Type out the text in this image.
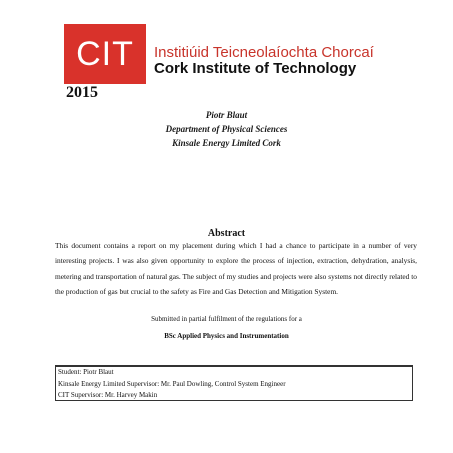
CIT Institiúid Teicneolaíochta Chorcaí
Cork Institute of Technology
2015
Piotr Blaut
Department of Physical Sciences
Kinsale Energy Limited Cork
Abstract
This document contains a report on my placement during which I had a chance to participate in a number of very interesting projects. I was also given opportunity to explore the process of injection, extraction, dehydration, analysis, metering and transportation of natural gas. The subject of my studies and projects were also systems not directly related to the production of gas but crucial to the safety as Fire and Gas Detection and Mitigation System.
Submitted in partial fulfilment of the regulations for a
BSc Applied Physics and Instrumentation
Student: Piotr Blaut
Kinsale Energy Limited Supervisor: Mr. Paul Dowling, Control System Engineer
CIT Supervisor: Mr. Harvey Makin
